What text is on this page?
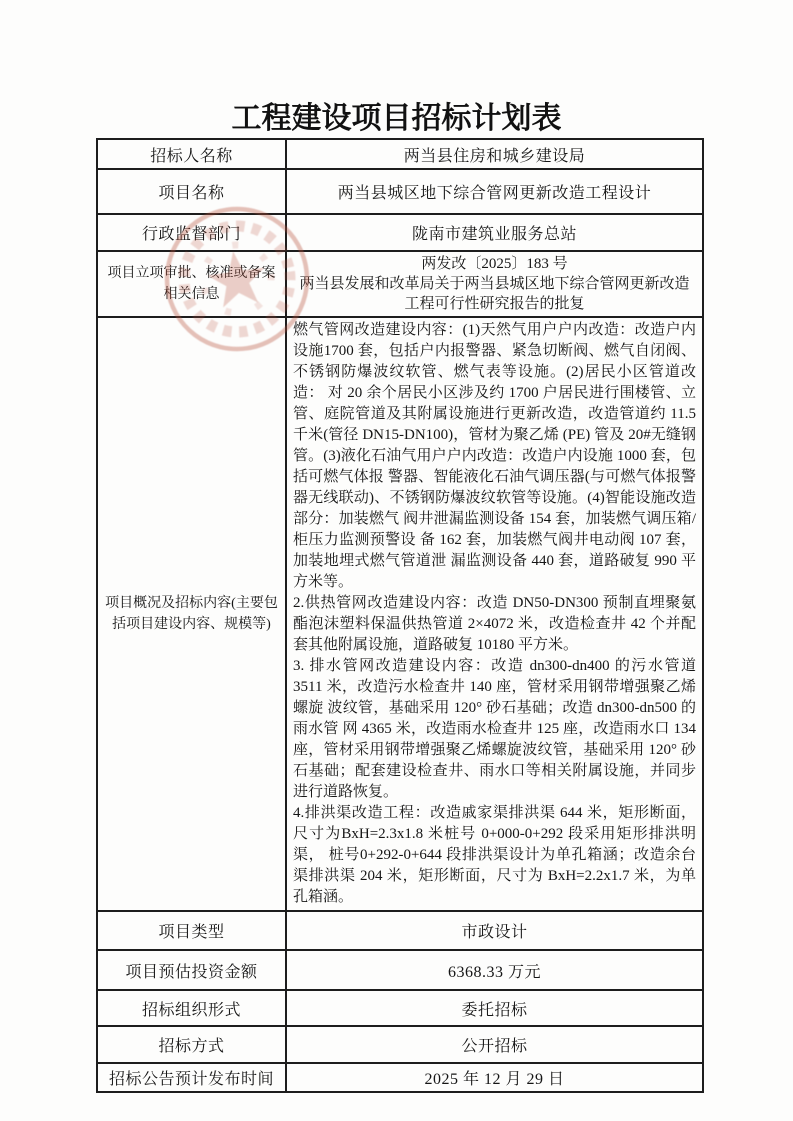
工程建设项目招标计划表
招标人名称	两当县住房和城乡建设局
项目名称	两当县城区地下综合管网更新改造工程设计
行政监督部门	陇南市建筑业服务总站
项目立项审批、核准或备案相关信息	两发改〔2025〕183 号
两当县发展和改革局关于两当县城区地下综合管网更新改造工程可行性研究报告的批复

项目概况及招标内容(主要包括项目建设内容、规模等)	燃气管网改造建设内容：(1)天然气用户户内改造：改造户内设施1700 套，包括户内报警器、紧急切断阀、燃气自闭阀、不锈钢防爆波纹软管、燃气表等设施。(2)居民小区管道改造： 对 20 余个居民小区涉及约 1700 户居民进行围楼管、立管、庭院管道及其附属设施进行更新改造，改造管道约 11.5 千米(管径 DN15-DN100)，管材为聚乙烯 (PE) 管及 20#无缝钢管。(3)液化石油气用户户内改造：改造户内设施 1000 套，包括可燃气体报 警器、智能液化石油气调压器(与可燃气体报警器无线联动)、不锈钢防爆波纹软管等设施。(4)智能设施改造部分：加装燃气 阀井泄漏监测设备 154 套，加装燃气调压箱/柜压力监测预警设 备 162 套，加装燃气阀井电动阀 107 套，加装地埋式燃气管道泄 漏监测设备 440 套，道路破复 990 平方米等。

2.供热管网改造建设内容：改造 DN50-DN300 预制直埋聚氨 酯泡沫塑料保温供热管道 2×4072 米，改造检查井 42 个并配套其他附属设施，道路破复 10180 平方米。

3. 排水管网改造建设内容：改造 dn300-dn400 的污水管道 3511 米，改造污水检查井 140 座，管材采用钢带增强聚乙烯螺旋 波纹管，基础采用 120° 砂石基础；改造 dn300-dn500 的雨水管 网 4365 米，改造雨水检查井 125 座，改造雨水口 134 座，管材采用钢带增强聚乙烯螺旋波纹管，基础采用 120° 砂石基础；配套建设检查井、雨水口等相关附属设施，并同步进行道路恢复。

4.排洪渠改造工程：改造戚家渠排洪渠 644 米，矩形断面， 尺寸为BxH=2.3x1.8 米桩号 0+000-0+292 段采用矩形排洪明渠， 桩号0+292-0+644 段排洪渠设计为单孔箱涵；改造余台渠排洪渠 204 米，矩形断面，尺寸为 BxH=2.2x1.7 米，为单孔箱涵。

项目类型	市政设计
项目预估投资金额	6368.33 万元
招标组织形式	委托招标
招标方式	公开招标
招标公告预计发布时间	2025 年 12 月 29 日
